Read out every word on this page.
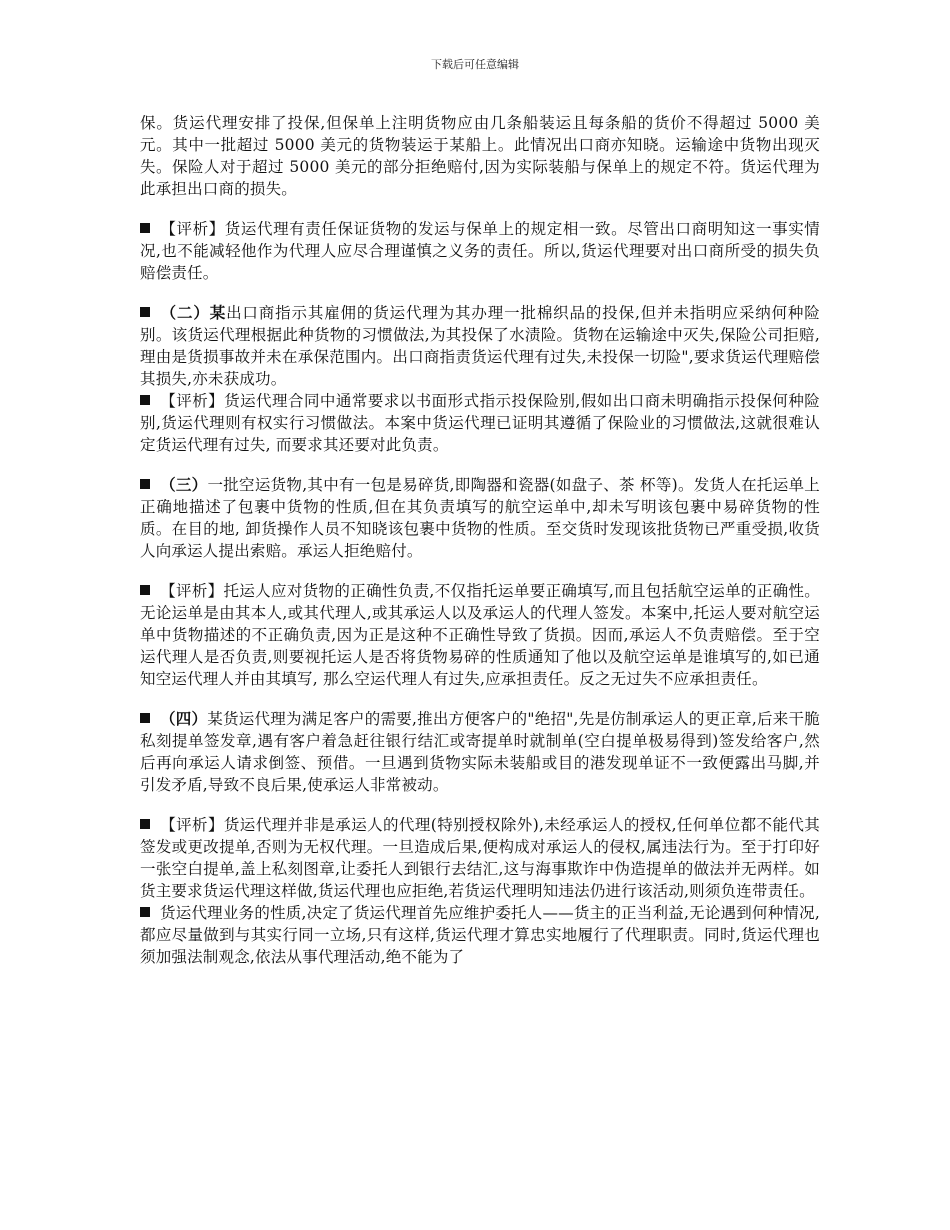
下载后可任意编辑

保。货运代理安排了投保,但保单上注明货物应由几条船装运且每条船的货价不得超过 5000 美元。其中一批超过 5000 美元的货物装运于某船上。此情况出口商亦知晓。运输途中货物出现灭失。保险人对于超过 5000 美元的部分拒绝赔付,因为实际装船与保单上的规定不符。货运代理为此承担出口商的损失。

【评析】货运代理有责任保证货物的发运与保单上的规定相一致。尽管出口商明知这一事实情况,也不能减轻他作为代理人应尽合理谨慎之义务的责任。所以,货运代理要对出口商所受的损失负赔偿责任。

（二）某出口商指示其雇佣的货运代理为其办理一批棉织品的投保,但并未指明应采纳何种险别。该货运代理根据此种货物的习惯做法,为其投保了水渍险。货物在运输途中灭失,保险公司拒赔,理由是货损事故并未在承保范围内。出口商指责货运代理有过失,未投保一切险",要求货运代理赔偿其损失,亦未获成功。

【评析】货运代理合同中通常要求以书面形式指示投保险别,假如出口商未明确指示投保何种险别,货运代理则有权实行习惯做法。本案中货运代理已证明其遵循了保险业的习惯做法,这就很难认定货运代理有过失, 而要求其还要对此负责。

（三）一批空运货物,其中有一包是易碎货,即陶器和瓷器(如盘子、茶 杯等)。发货人在托运单上正确地描述了包裹中货物的性质,但在其负责填写的航空运单中,却未写明该包裹中易碎货物的性质。在目的地, 卸货操作人员不知晓该包裹中货物的性质。至交货时发现该批货物已严重受损,收货人向承运人提出索赔。承运人拒绝赔付。

【评析】托运人应对货物的正确性负责,不仅指托运单要正确填写,而且包括航空运单的正确性。无论运单是由其本人,或其代理人,或其承运人以及承运人的代理人签发。本案中,托运人要对航空运单中货物描述的不正确负责,因为正是这种不正确性导致了货损。因而,承运人不负责赔偿。至于空运代理人是否负责,则要视托运人是否将货物易碎的性质通知了他以及航空运单是谁填写的,如已通知空运代理人并由其填写, 那么空运代理人有过失,应承担责任。反之无过失不应承担责任。

（四）某货运代理为满足客户的需要,推出方便客户的"绝招",先是仿制承运人的更正章,后来干脆私刻提单签发章,遇有客户着急赶往银行结汇或寄提单时就制单(空白提单极易得到)签发给客户,然后再向承运人请求倒签、预借。一旦遇到货物实际未装船或目的港发现单证不一致便露出马脚,并引发矛盾,导致不良后果,使承运人非常被动。

【评析】货运代理并非是承运人的代理(特别授权除外),未经承运人的授权,任何单位都不能代其签发或更改提单,否则为无权代理。一旦造成后果,便构成对承运人的侵权,属违法行为。至于打印好一张空白提单,盖上私刻图章,让委托人到银行去结汇,这与海事欺诈中伪造提单的做法并无两样。如货主要求货运代理这样做,货运代理也应拒绝,若货运代理明知违法仍进行该活动,则须负连带责任。

货运代理业务的性质,决定了货运代理首先应维护委托人——货主的正当利益,无论遇到何种情况,都应尽量做到与其实行同一立场,只有这样,货运代理才算忠实地履行了代理职责。同时,货运代理也须加强法制观念,依法从事代理活动,绝不能为了
